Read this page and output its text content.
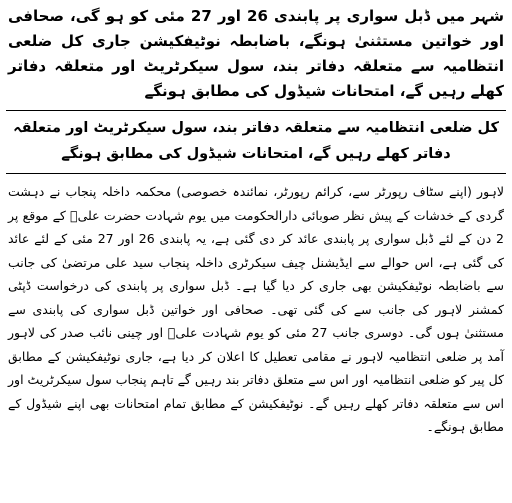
شہر میں ڈبل سواری پر پابندی 26 اور 27 مئی کو ہو گی، صحافی اور خواتین مستثنیٰ ہونگے، باضابطہ نوٹیفکیشن جاری کل ضلعی انتظامیہ سے متعلقہ دفاتر بند، سول سیکرٹریٹ اور متعلقہ دفاتر کھلے رہیں گے، امتحانات شیڈول کی مطابق ہونگے
کل ضلعی انتظامیہ سے متعلقہ دفاتر بند، سول سیکرٹریٹ اور متعلقہ دفاتر کھلے رہیں گے، امتحانات شیڈول کی مطابق ہونگے
لاہور (اپنے سٹاف رپورٹر سے، کرائم رپورٹر، نمائندہ خصوصی) محکمہ داخلہ پنجاب نے دہشت گردی کے خدشات کے پیش نظر صوبائی دارالحکومت میں یوم شہادت حضرت علیؓ کے موقع پر 2 دن کے لئے ڈبل سواری پر پابندی عائد کر دی گئی ہے، یہ پابندی 26 اور 27 مئی کے لئے عائد کی گئی ہے، اس حوالے سے ایڈیشنل چیف سیکرٹری داخلہ پنجاب سید علی مرتضیٰ کی جانب سے باضابطہ نوٹیفکیشن بھی جاری کر دیا گیا ہے۔ ڈبل سواری پر پابندی کی درخواست ڈپٹی کمشنر لاہور کی جانب سے کی گئی تھی۔ صحافی اور خواتین ڈبل سواری کی پابندی سے مستثنیٰ ہوں گی۔ دوسری جانب 27 مئی کو یوم شہادت علیؓ اور چینی نائب صدر کی لاہور آمد پر ضلعی انتظامیہ لاہور نے مقامی تعطیل کا اعلان کر دیا ہے، جاری نوٹیفکیشن کے مطابق کل پیر کو ضلعی انتظامیہ اور اس سے متعلق دفاتر بند رہیں گے تاہم پنجاب سول سیکرٹریٹ اور اس سے متعلقہ دفاتر کھلے رہیں گے۔ نوٹیفکیشن کے مطابق تمام امتحانات بھی اپنے شیڈول کے مطابق ہونگے۔
